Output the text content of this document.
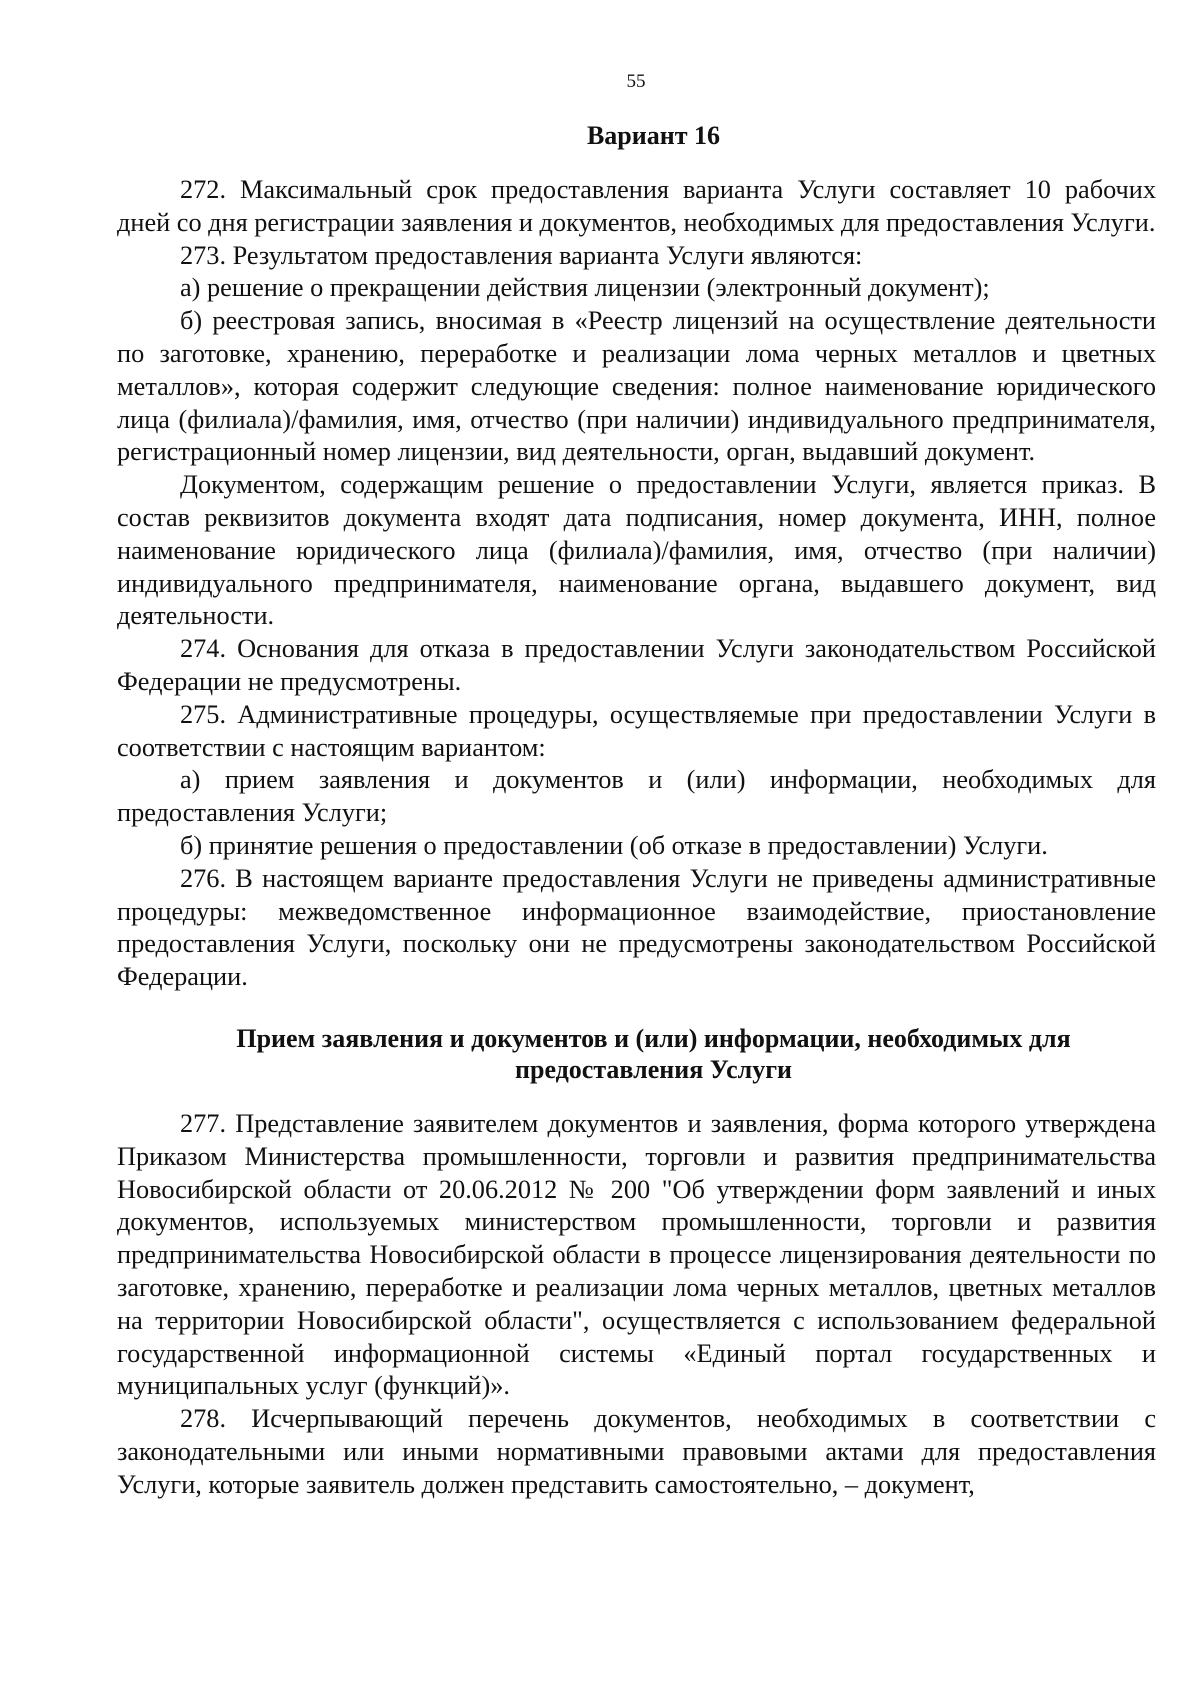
55
Вариант 16

272. Максимальный срок предоставления варианта Услуги составляет 10 рабочих дней со дня регистрации заявления и документов, необходимых для предоставления Услуги.

273. Результатом предоставления варианта Услуги являются:

а) решение о прекращении действия лицензии (электронный документ);

б) реестровая запись, вносимая в «Реестр лицензий на осуществление деятельности по заготовке, хранению, переработке и реализации лома черных металлов и цветных металлов», которая содержит следующие сведения: полное наименование юридического лица (филиала)/фамилия, имя, отчество (при наличии) индивидуального предпринимателя, регистрационный номер лицензии, вид деятельности, орган, выдавший документ.

Документом, содержащим решение о предоставлении Услуги, является приказ. В состав реквизитов документа входят дата подписания, номер документа, ИНН, полное наименование юридического лица (филиала)/фамилия, имя, отчество (при наличии) индивидуального предпринимателя, наименование органа, выдавшего документ, вид деятельности.

274. Основания для отказа в предоставлении Услуги законодательством Российской Федерации не предусмотрены.

275. Административные процедуры, осуществляемые при предоставлении Услуги в соответствии с настоящим вариантом:

а) прием заявления и документов и (или) информации, необходимых для предоставления Услуги;

б) принятие решения о предоставлении (об отказе в предоставлении) Услуги.

276. В настоящем варианте предоставления Услуги не приведены административные процедуры: межведомственное информационное взаимодействие, приостановление предоставления Услуги, поскольку они не предусмотрены законодательством Российской Федерации.

Прием заявления и документов и (или) информации, необходимых для
предоставления Услуги

277. Представление заявителем документов и заявления, форма которого утверждена Приказом Министерства промышленности, торговли и развития предпринимательства Новосибирской области от 20.06.2012 № 200 "Об утверждении форм заявлений и иных документов, используемых министерством промышленности, торговли и развития предпринимательства Новосибирской области в процессе лицензирования деятельности по заготовке, хранению, переработке и реализации лома черных металлов, цветных металлов на территории Новосибирской области", осуществляется с использованием федеральной государственной информационной системы «Единый портал государственных и муниципальных услуг (функций)».

278. Исчерпывающий перечень документов, необходимых в соответствии с законодательными или иными нормативными правовыми актами для предоставления Услуги, которые заявитель должен представить самостоятельно, – документ,
